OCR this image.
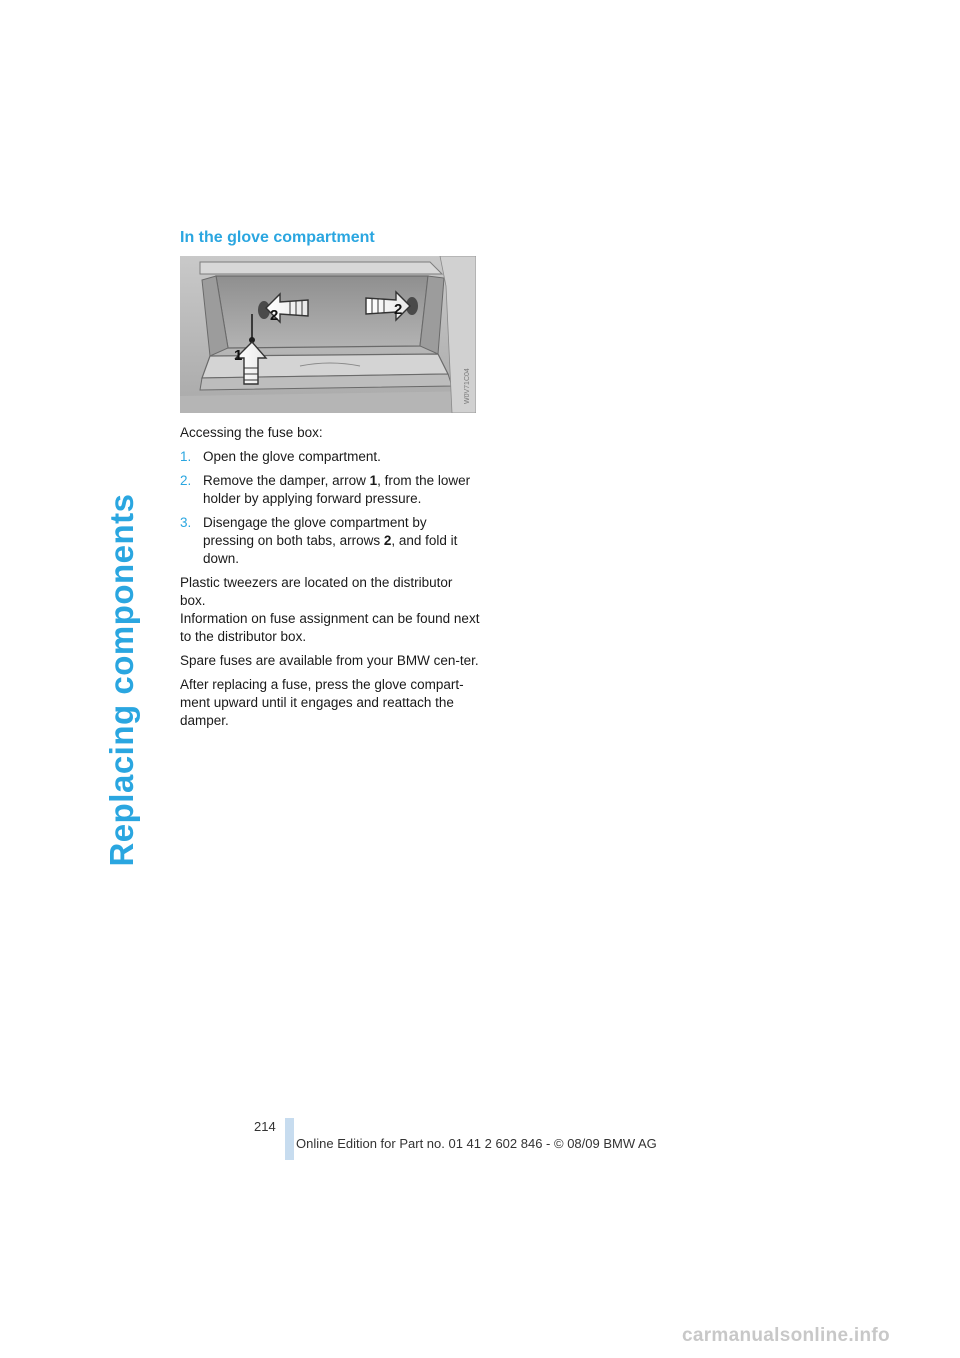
Replacing components
In the glove compartment
2	2
1
W0V71C04

Accessing the fuse box:

1. Open the glove compartment.
2. Remove the damper, arrow 1, from the lower holder by applying forward pressure.
3. Disengage the glove compartment by pressing on both tabs, arrows 2, and fold it down.

Plastic tweezers are located on the distributor box.
Information on fuse assignment can be found next to the distributor box.

Spare fuses are available from your BMW cen-ter.

After replacing a fuse, press the glove compart-ment upward until it engages and reattach the damper.

214
Online Edition for Part no. 01 41 2 602 846 - © 08/09 BMW AG
carmanualsonline.info
